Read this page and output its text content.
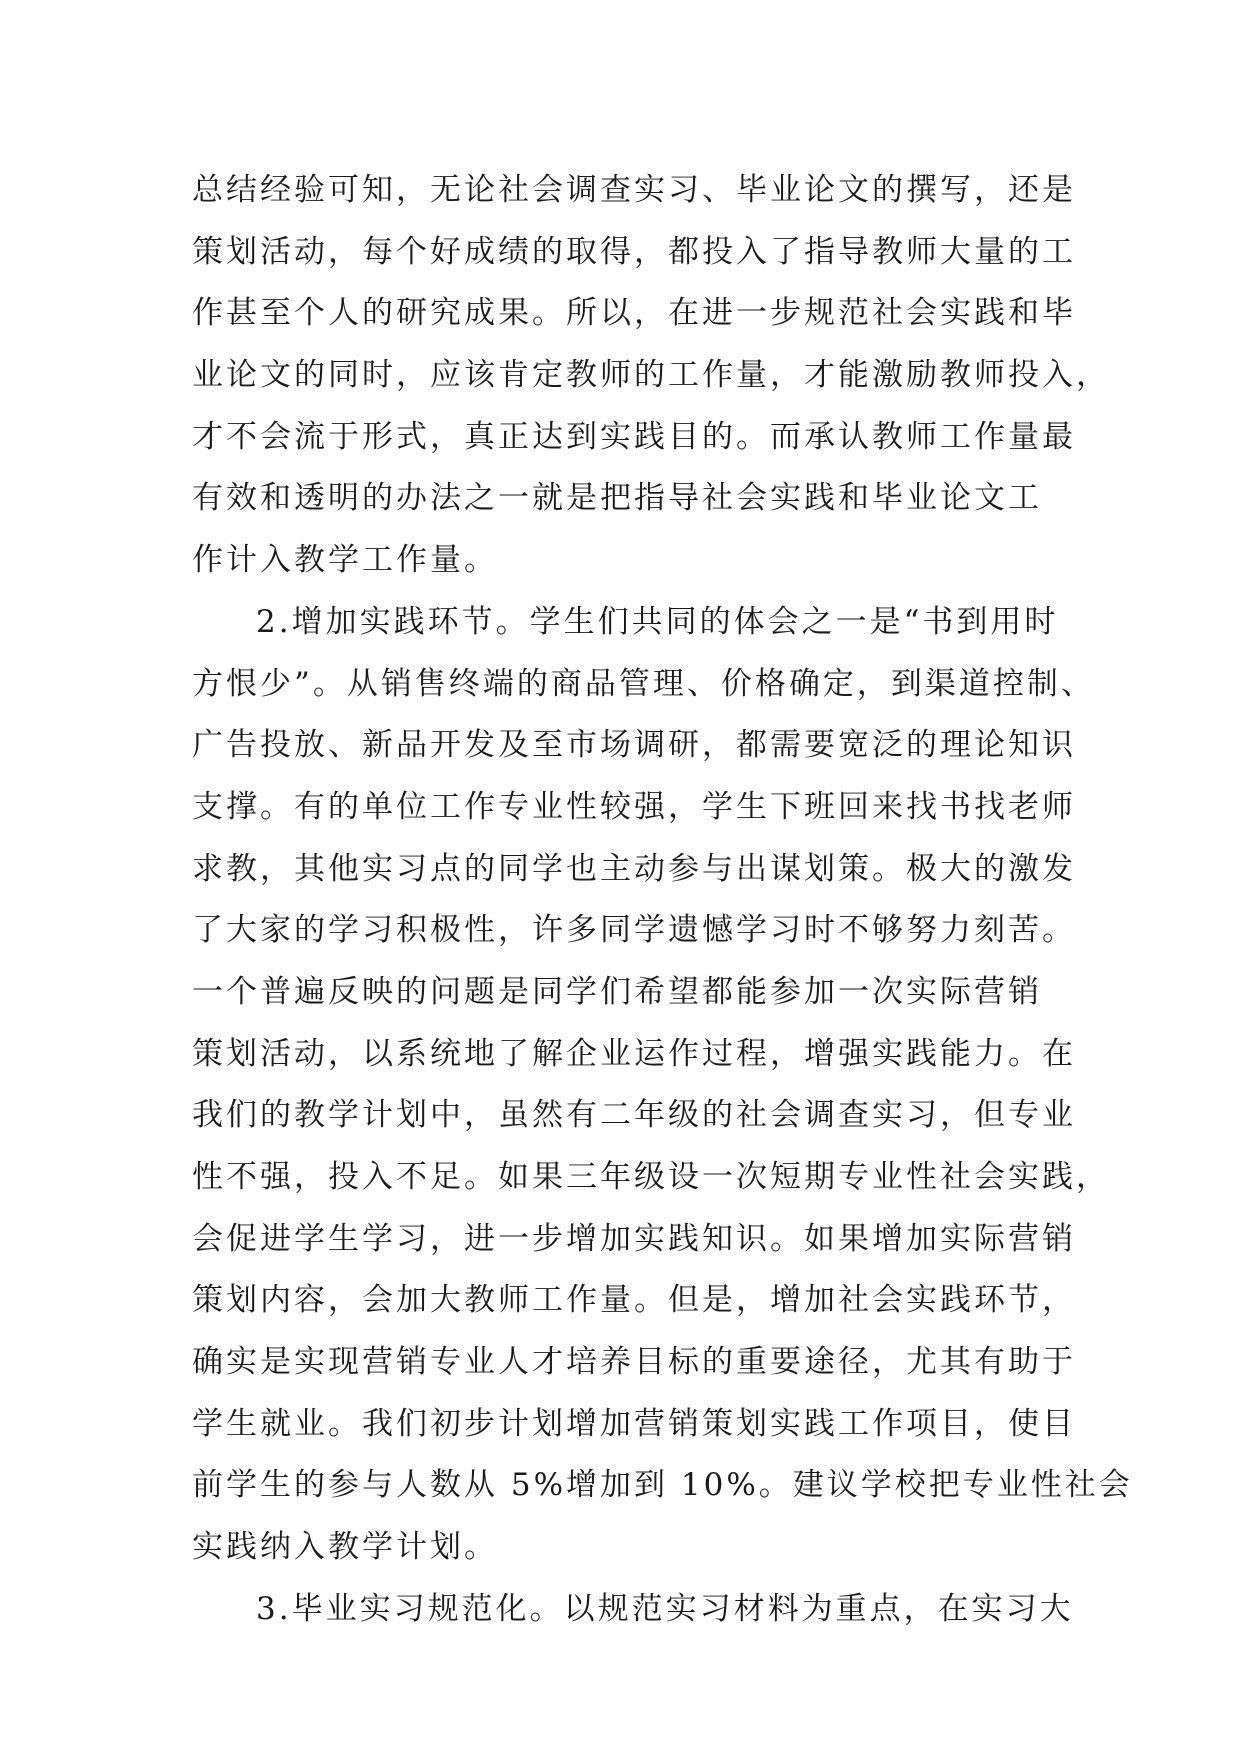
总结经验可知，无论社会调查实习、毕业论文的撰写，还是
策划活动，每个好成绩的取得，都投入了指导教师大量的工
作甚至个人的研究成果。所以，在进一步规范社会实践和毕
业论文的同时，应该肯定教师的工作量，才能激励教师投入，
才不会流于形式，真正达到实践目的。而承认教师工作量最
有效和透明的办法之一就是把指导社会实践和毕业论文工
作计入教学工作量。
2.增加实践环节。学生们共同的体会之一是“书到用时
方恨少”。从销售终端的商品管理、价格确定，到渠道控制、
广告投放、新品开发及至市场调研，都需要宽泛的理论知识
支撑。有的单位工作专业性较强，学生下班回来找书找老师
求教，其他实习点的同学也主动参与出谋划策。极大的激发
了大家的学习积极性，许多同学遗憾学习时不够努力刻苦。
一个普遍反映的问题是同学们希望都能参加一次实际营销
策划活动，以系统地了解企业运作过程，增强实践能力。在
我们的教学计划中，虽然有二年级的社会调查实习，但专业
性不强，投入不足。如果三年级设一次短期专业性社会实践，
会促进学生学习，进一步增加实践知识。如果增加实际营销
策划内容，会加大教师工作量。但是，增加社会实践环节，
确实是实现营销专业人才培养目标的重要途径，尤其有助于
学生就业。我们初步计划增加营销策划实践工作项目，使目
前学生的参与人数从 5%增加到 10%。建议学校把专业性社会
实践纳入教学计划。
3.毕业实习规范化。以规范实习材料为重点，在实习大
